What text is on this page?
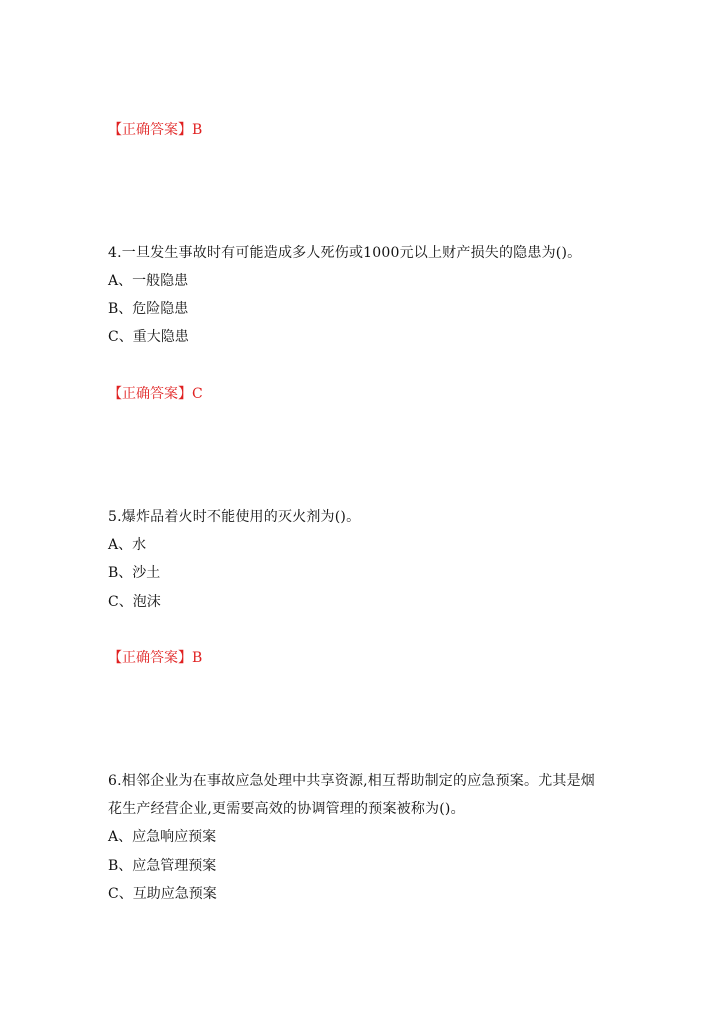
【正确答案】B
4.一旦发生事故时有可能造成多人死伤或1000元以上财产损失的隐患为()。
A、一般隐患
B、危险隐患
C、重大隐患
【正确答案】C
5.爆炸品着火时不能使用的灭火剂为()。
A、水
B、沙土
C、泡沫
【正确答案】B
6.相邻企业为在事故应急处理中共享资源,相互帮助制定的应急预案。尤其是烟
花生产经营企业,更需要高效的协调管理的预案被称为()。
A、应急响应预案
B、应急管理预案
C、互助应急预案
